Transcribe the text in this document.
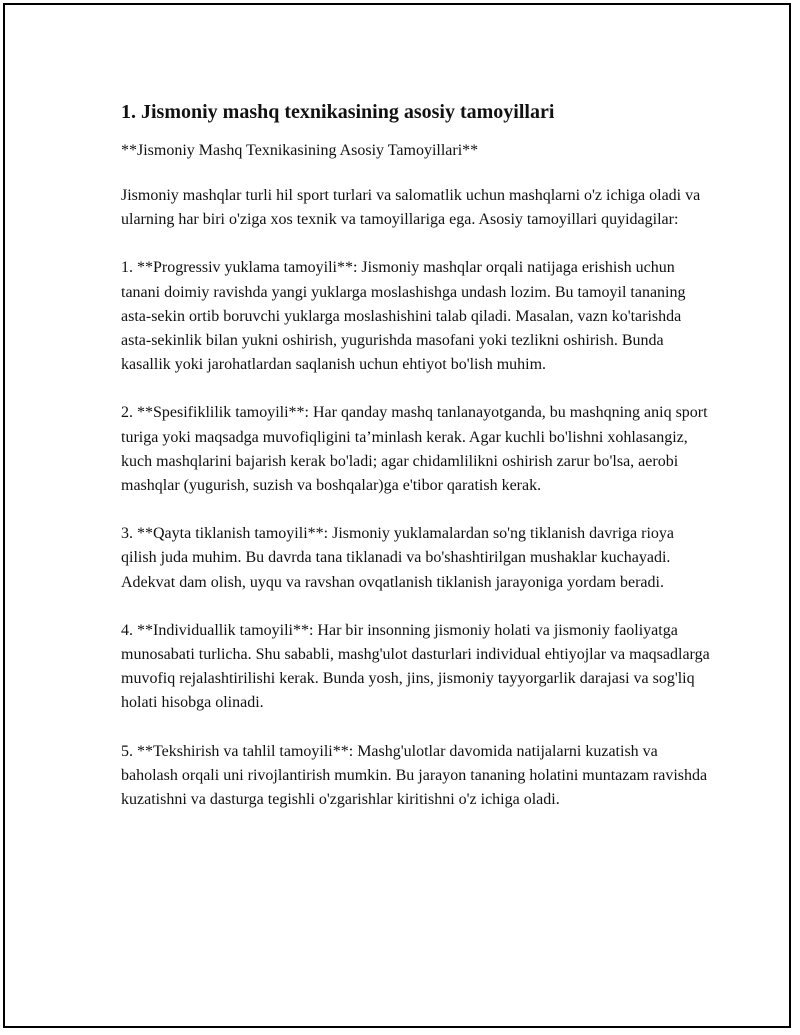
1. Jismoniy mashq texnikasining asosiy tamoyillari
**Jismoniy Mashq Texnikasining Asosiy Tamoyillari**

Jismoniy mashqlar turli hil sport turlari va salomatlik uchun mashqlarni o'z ichiga oladi va ularning har biri o'ziga xos texnik va tamoyillariga ega. Asosiy tamoyillari quyidagilar:

1. **Progressiv yuklama tamoyili**: Jismoniy mashqlar orqali natijaga erishish uchun tanani doimiy ravishda yangi yuklarga moslashishga undash lozim. Bu tamoyil tananing asta-sekin ortib boruvchi yuklarga moslashishini talab qiladi. Masalan, vazn ko'tarishda asta-sekinlik bilan yukni oshirish, yugurishda masofani yoki tezlikni oshirish. Bunda kasallik yoki jarohatlardan saqlanish uchun ehtiyot bo'lish muhim.

2. **Spesifiklilik tamoyili**: Har qanday mashq tanlanayotganda, bu mashqning aniq sport turiga yoki maqsadga muvofiqligini ta’minlash kerak. Agar kuchli bo'lishni xohlasangiz, kuch mashqlarini bajarish kerak bo'ladi; agar chidamlilikni oshirish zarur bo'lsa, aerobi mashqlar (yugurish, suzish va boshqalar)ga e'tibor qaratish kerak.

3. **Qayta tiklanish tamoyili**: Jismoniy yuklamalardan so'ng tiklanish davriga rioya qilish juda muhim. Bu davrda tana tiklanadi va bo'shashtirilgan mushaklar kuchayadi. Adekvat dam olish, uyqu va ravshan ovqatlanish tiklanish jarayoniga yordam beradi.

4. **Individuallik tamoyili**: Har bir insonning jismoniy holati va jismoniy faoliyatga munosabati turlicha. Shu sababli, mashg'ulot dasturlari individual ehtiyojlar va maqsadlarga muvofiq rejalashtirilishi kerak. Bunda yosh, jins, jismoniy tayyorgarlik darajasi va sog'liq holati hisobga olinadi.

5. **Tekshirish va tahlil tamoyili**: Mashg'ulotlar davomida natijalarni kuzatish va baholash orqali uni rivojlantirish mumkin. Bu jarayon tananing holatini muntazam ravishda kuzatishni va dasturga tegishli o'zgarishlar kiritishni o'z ichiga oladi.
